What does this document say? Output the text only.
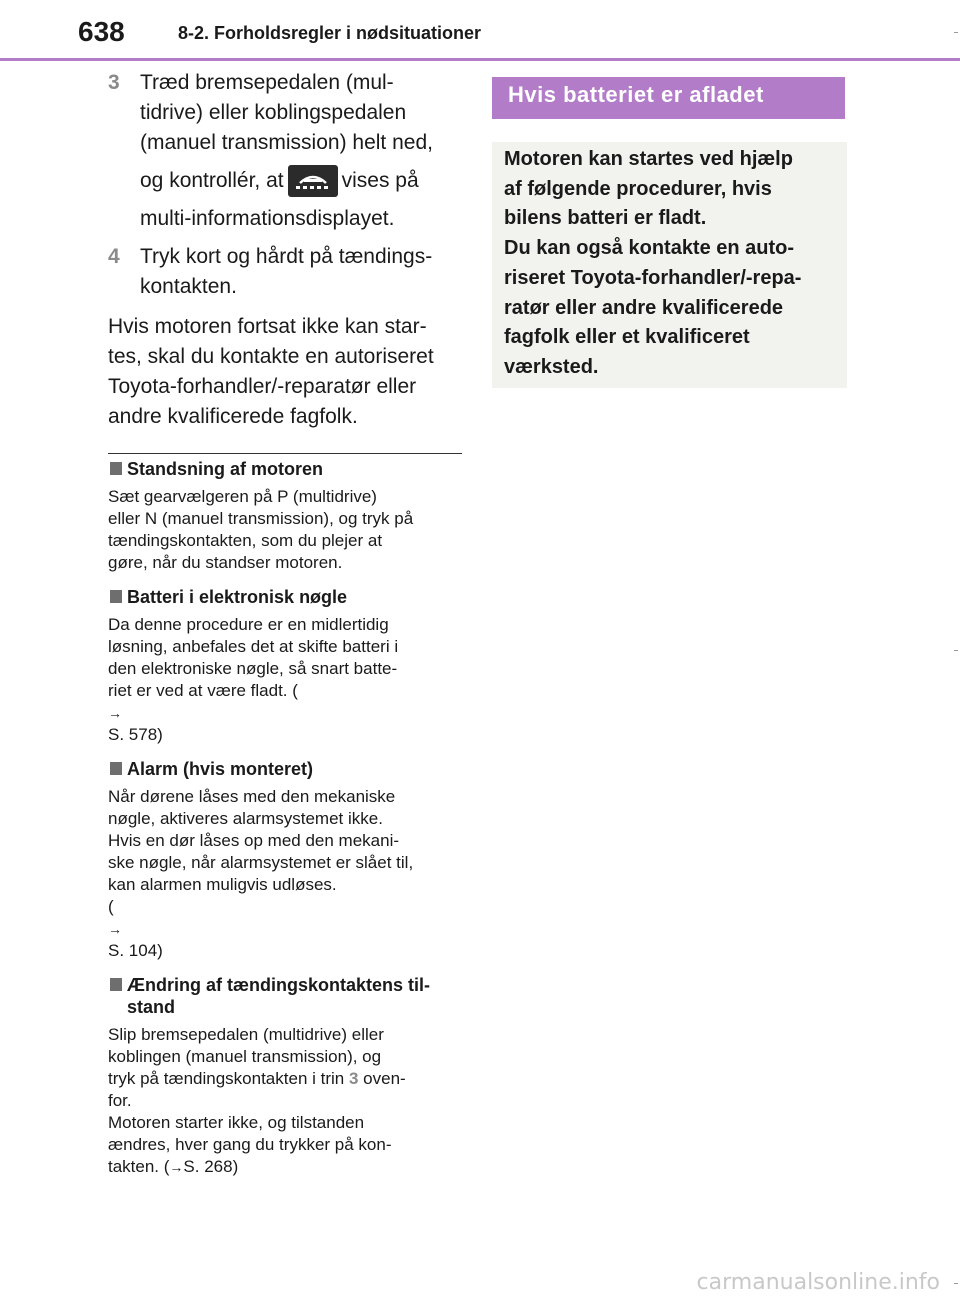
638	8-2. Forholdsregler i nødsituationer
3 Træd bremsepedalen (mul-
tidrive) eller koblingspedalen
(manuel transmission) helt ned,
og kontrollér, at	vises på
multi-informationsdisplayet.
4 Tryk kort og hårdt på tændings-
kontakten.
Hvis motoren fortsat ikke kan star-
tes, skal du kontakte en autoriseret
Toyota-forhandler/-reparatør eller
andre kvalificerede fagfolk.
Standsning af motoren
Sæt gearvælgeren på P (multidrive)
eller N (manuel transmission), og tryk på
tændingskontakten, som du plejer at
gøre, når du standser motoren.
Batteri i elektronisk nøgle
Da denne procedure er en midlertidig
løsning, anbefales det at skifte batteri i
den elektroniske nøgle, så snart batte-
riet er ved at være fladt. (
→
S. 578)
Alarm (hvis monteret)
Når dørene låses med den mekaniske
nøgle, aktiveres alarmsystemet ikke.
Hvis en dør låses op med den mekani-
ske nøgle, når alarmsystemet er slået til,
kan alarmen muligvis udløses.
(
→
S. 104)
Ændring af tændingskontaktens til-
stand
Slip bremsepedalen (multidrive) eller
koblingen (manuel transmission), og
tryk på tændingskontakten i trin 3 oven-
for.
Motoren starter ikke, og tilstanden
ændres, hver gang du trykker på kon-
takten. (→S. 268)
Hvis batteriet er afladet
Motoren kan startes ved hjælp
af følgende procedurer, hvis
bilens batteri er fladt.
Du kan også kontakte en auto-
riseret Toyota-forhandler/-repa-
ratør eller andre kvalificerede
fagfolk eller et kvalificeret
værksted.
carmanualsonline.info
